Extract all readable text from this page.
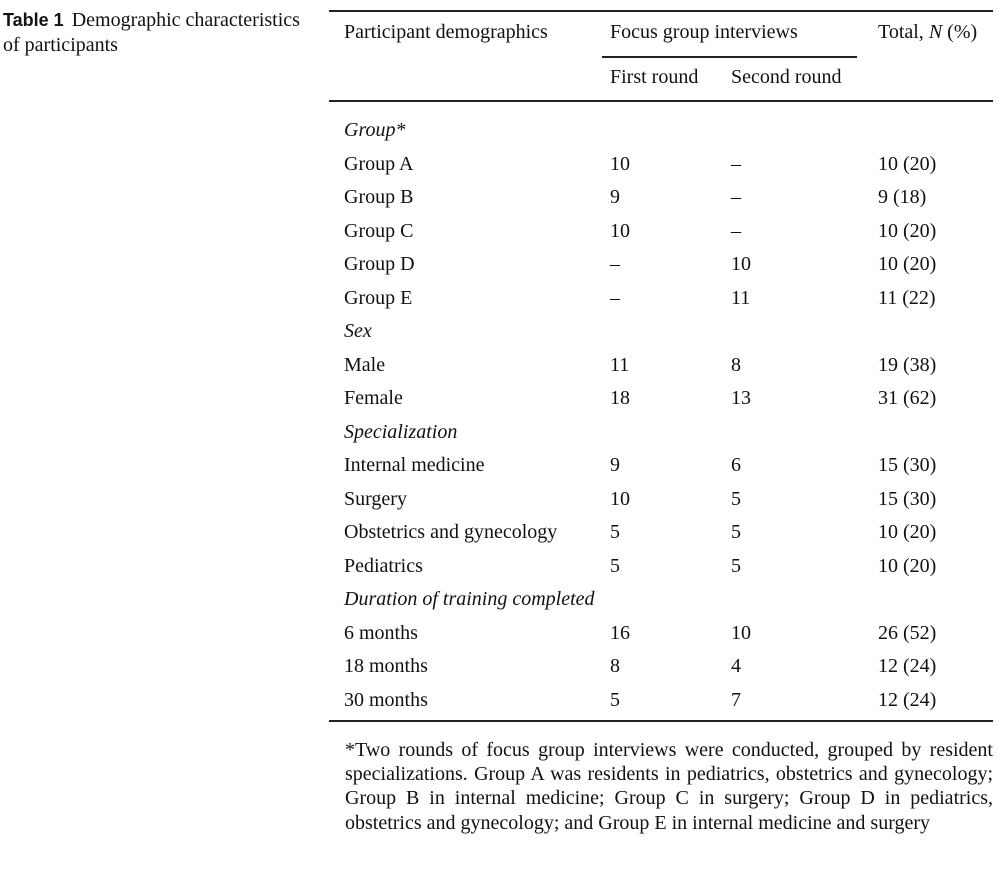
Table 1 Demographic characteristics of participants
Participant demographics	Focus group interviews	Total, N (%)
First round Second round
Group*
Group A	10	–	10 (20)
Group B	9	–	9 (18)
Group C	10	–	10 (20)
Group D	–	10	10 (20)
Group E	–	11	11 (22)
Sex
Male	11	8	19 (38)
Female	18	13	31 (62)
Specialization
Internal medicine	9	6	15 (30)
Surgery	10	5	15 (30)
Obstetrics and gynecology	5	5	10 (20)
Pediatrics	5	5	10 (20)
Duration of training completed
6 months	16	10	26 (52)
18 months	8	4	12 (24)
30 months	5	7	12 (24)
*Two rounds of focus group interviews were conducted, grouped by resident specializations. Group A was residents in pediatrics, obstetrics and gynecology; Group B in internal medicine; Group C in surgery; Group D in pediatrics, obstetrics and gynecology; and Group E in internal medicine and surgery
